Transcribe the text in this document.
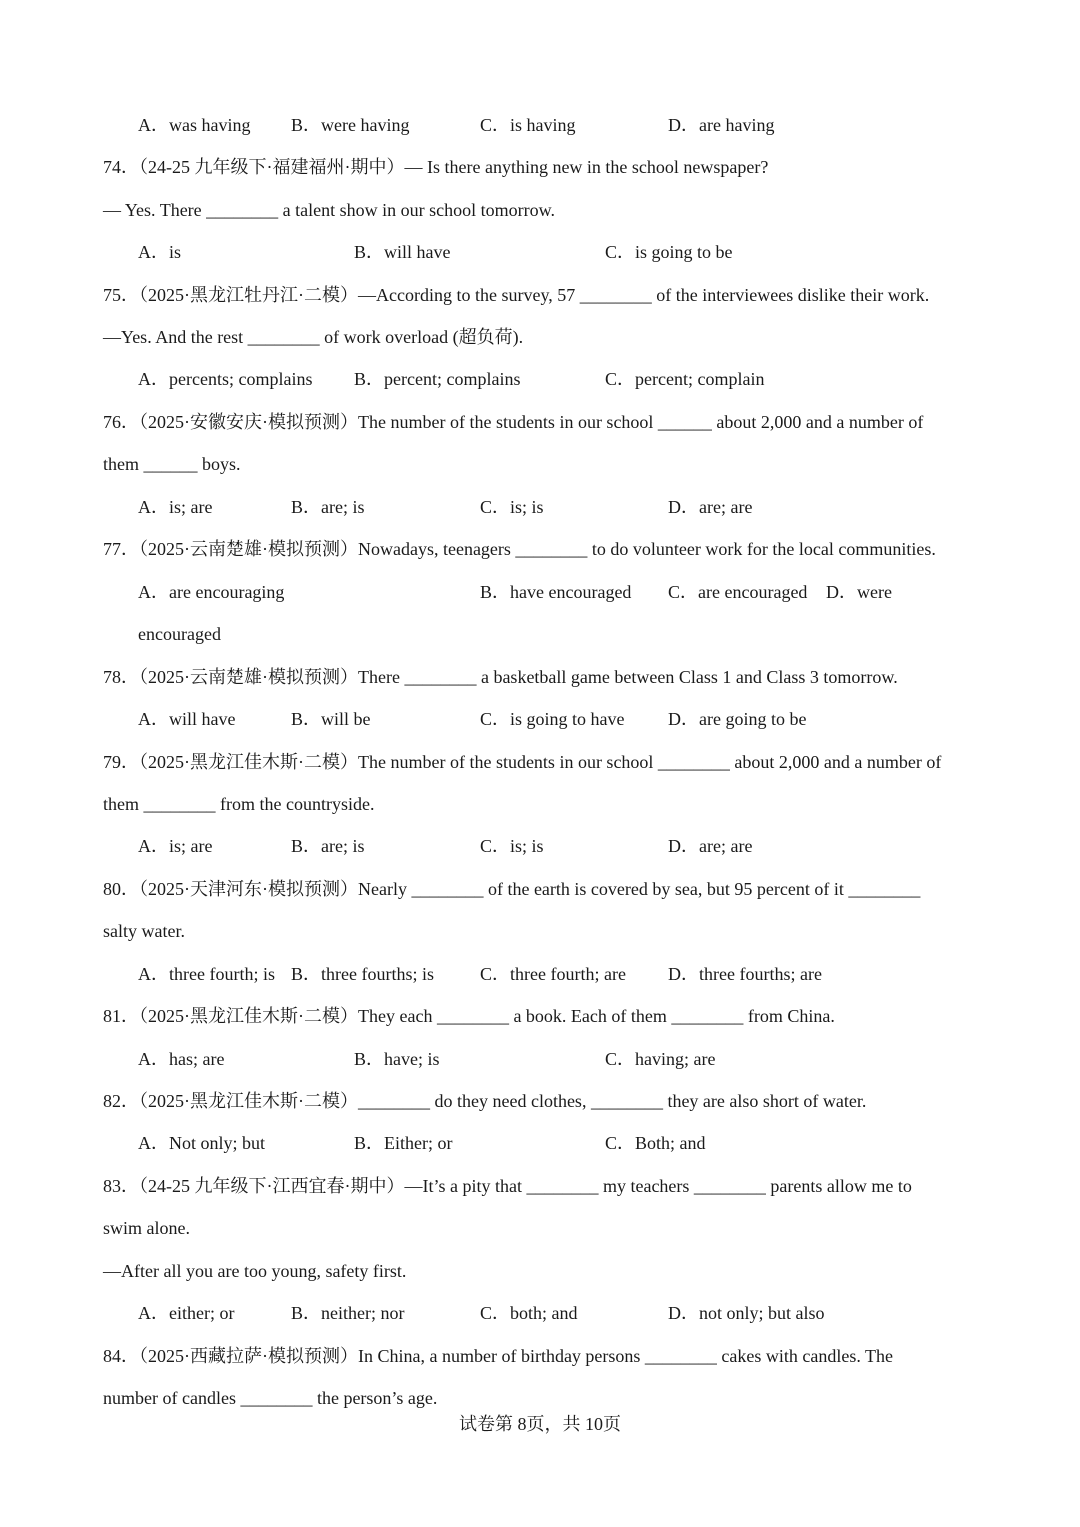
A．was having B．were having	C．is having	D．are having
74．（24-25 九年级下·福建福州·期中）— Is there anything new in the school newspaper?
— Yes. There ________ a talent show in our school tomorrow.
A．is	B．will have	C．is going to be
75．（2025·黑龙江牡丹江·二模）—According to the survey, 57 ________ of the interviewees dislike their work.
—Yes. And the rest ________ of work overload (超负荷).
A．percents; complains B．percent; complains	C．percent; complain
76．（2025·安徽安庆·模拟预测）The number of the students in our school ______ about 2,000 and a number of
them ______ boys.
A．is; are	B．are; is	C．is; is	D．are; are
77．（2025·云南楚雄·模拟预测）Nowadays, teenagers ________ to do volunteer work for the local communities.
A．are encouraging	B．have encouraged C．are encouraged D．were
encouraged
78．（2025·云南楚雄·模拟预测）There ________ a basketball game between Class 1 and Class 3 tomorrow.
A．will have	B．will be	C．is going to have D．are going to be
79．（2025·黑龙江佳木斯·二模）The number of the students in our school ________ about 2,000 and a number of
them ________ from the countryside.
A．is; are	B．are; is	C．is; is	D．are; are
80．（2025·天津河东·模拟预测）Nearly ________ of the earth is covered by sea, but 95 percent of it ________
salty water.
A．three fourth; is B．three fourths; is	C．three fourth; are D．three fourths; are
81．（2025·黑龙江佳木斯·二模）They each ________ a book. Each of them ________ from China.
A．has; are	B．have; is	C．having; are
82．（2025·黑龙江佳木斯·二模）________ do they need clothes, ________ they are also short of water.
A．Not only; but	B．Either; or	C．Both; and
83．（24-25 九年级下·江西宜春·期中）—It’s a pity that ________ my teachers ________ parents allow me to
swim alone.
—After all you are too young, safety first.
A．either; or	B．neither; nor	C．both; and	D．not only; but also
84．（2025·西藏拉萨·模拟预测）In China, a number of birthday persons ________ cakes with candles. The
number of candles ________ the person’s age.
试卷第 8页，共 10页
